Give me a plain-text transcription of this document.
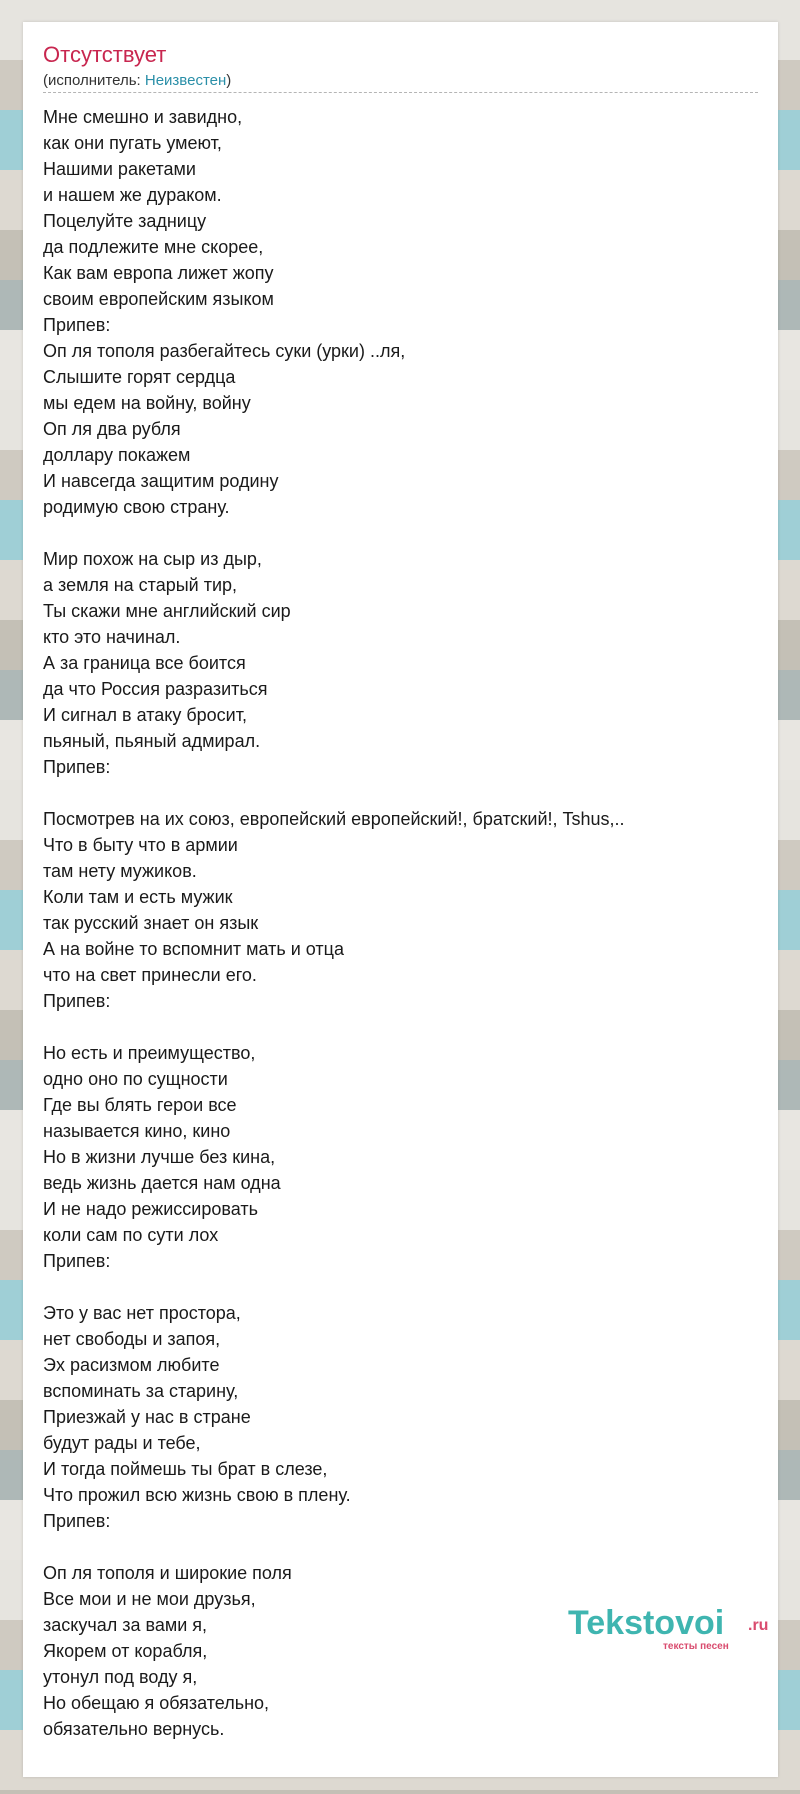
Отсутствует
(исполнитель: Неизвестен)
Мне смешно и завидно,
как они пугать умеют,
Нашими ракетами
и нашем же дураком.
Поцелуйте задницу
да подлежите мне скорее,
Как вам европа лижет жопу
своим европейским языком
Припев:
Оп ля тополя разбегайтесь суки (урки) ..ля,
Слышите горят сердца
мы едем на войну, войну
Оп ля два рубля
доллару покажем
И навсегда защитим родину
родимую свою страну.
Мир похож на сыр из дыр,
а земля на старый тир,
Ты скажи мне английский сир
кто это начинал.
А за граница все боится
да что Россия разразиться
И сигнал в атаку бросит,
пьяный, пьяный адмирал.
Припев:
Посмотрев на их союз, европейский европейский!, братский!, Tshus,..
Что в быту что в армии
там нету мужиков.
Коли там и есть мужик
так русский знает он язык
А на войне то вспомнит мать и отца
что на свет принесли его.
Припев:
Но есть и преимущество,
одно оно по сущности
Где вы блять герои все
называется кино, кино
Но в жизни лучше без кина,
ведь жизнь дается нам одна
И не надо режиссировать
коли сам по сути лох
Припев:
Это у вас нет простора,
нет свободы и запоя,
Эх расизмом любите
вспоминать за старину,
Приезжай у нас в стране
будут рады и тебе,
И тогда поймешь ты брат в слезе,
Что прожил всю жизнь свою в плену.
Припев:
Оп ля тополя и широкие поля
Все мои и не мои друзья,
заскучал за вами я,
Якорем от корабля,
утонул под воду я,
Но обещаю я обязательно,
обязательно вернусь.
Tekstovoi .ru
тексты песен
